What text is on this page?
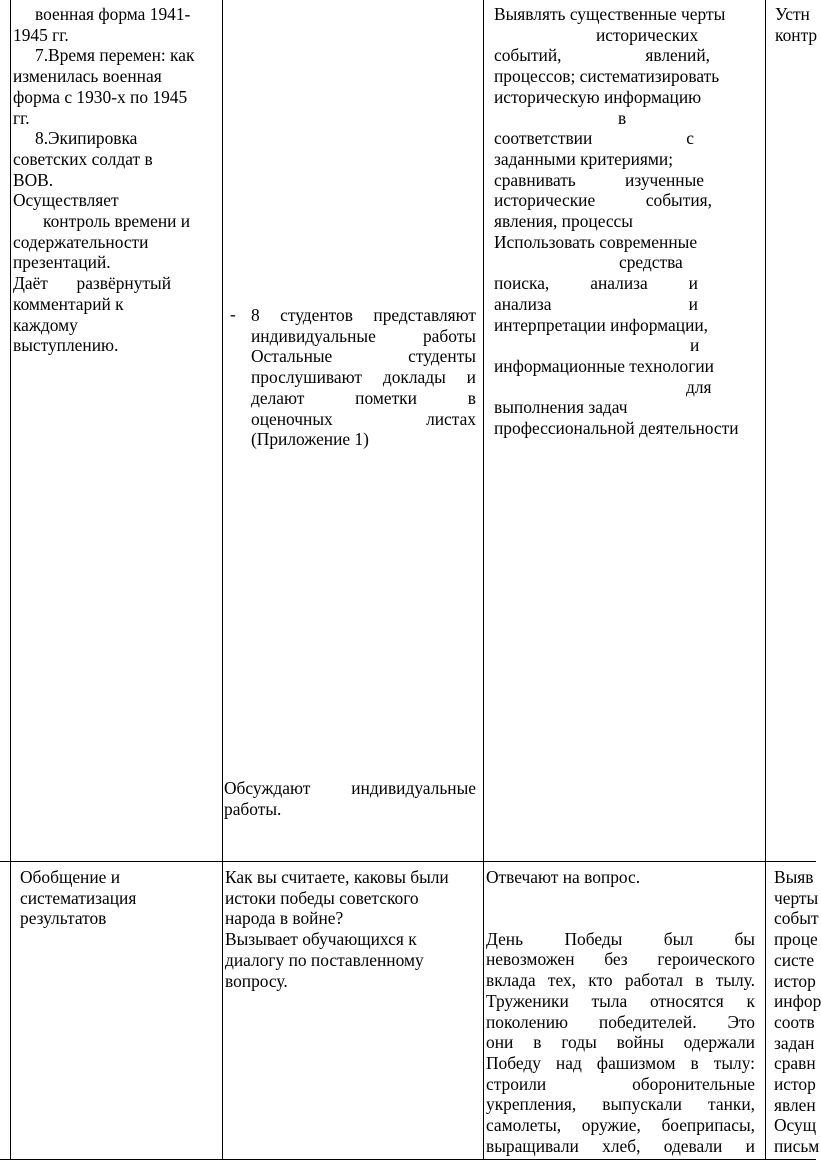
военная форма 1941-

1945 гг.

7.Время перемен: как

изменилась военная

форма с 1930-х по 1945

гг.

8.Экипировка

советских солдат в

ВОВ.

Осуществляет

контроль времени и

содержательности

презентаций.

Даёт развёрнутый

комментарий к

каждому

выступлению.

- 8 студентов представляют

индивидуальные работы

Остальные студенты

прослушивают доклады и

делают пометки в

оценочных листах

(Приложение 1)

Обсуждают индивидуальные

работы.

Выявлять существенные черты

исторических

событий, явлений,

процессов; систематизировать

историческую информацию

в

соответствии с

заданными критериями;

сравнивать изученные

исторические события,

явления, процессы

Использовать современные

средства

поиска, анализа и

анализа и

интерпретации информации,

и

информационные технологии

для

выполнения задач

профессиональной деятельности

Устн

контр

Обобщение и

систематизация

результатов

Как вы считаете, каковы были

истоки победы советского

народа в войне?

Вызывает обучающихся к

диалогу по поставленному

вопросу.

Отвечают на вопрос.

День Победы был бы

невозможен без героического

вклада тех, кто работал в тылу.

Труженики тыла относятся к

поколению победителей. Это

они в годы войны одержали

Победу над фашизмом в тылу:

строили оборонительные

укрепления, выпускали танки,

самолеты, оружие, боеприпасы,

выращивали хлеб, одевали и

Выяв

черты

событ

проце

систе

истор

инфор

соотв

задан

сравн

истор

явлен

Осущ

письм
